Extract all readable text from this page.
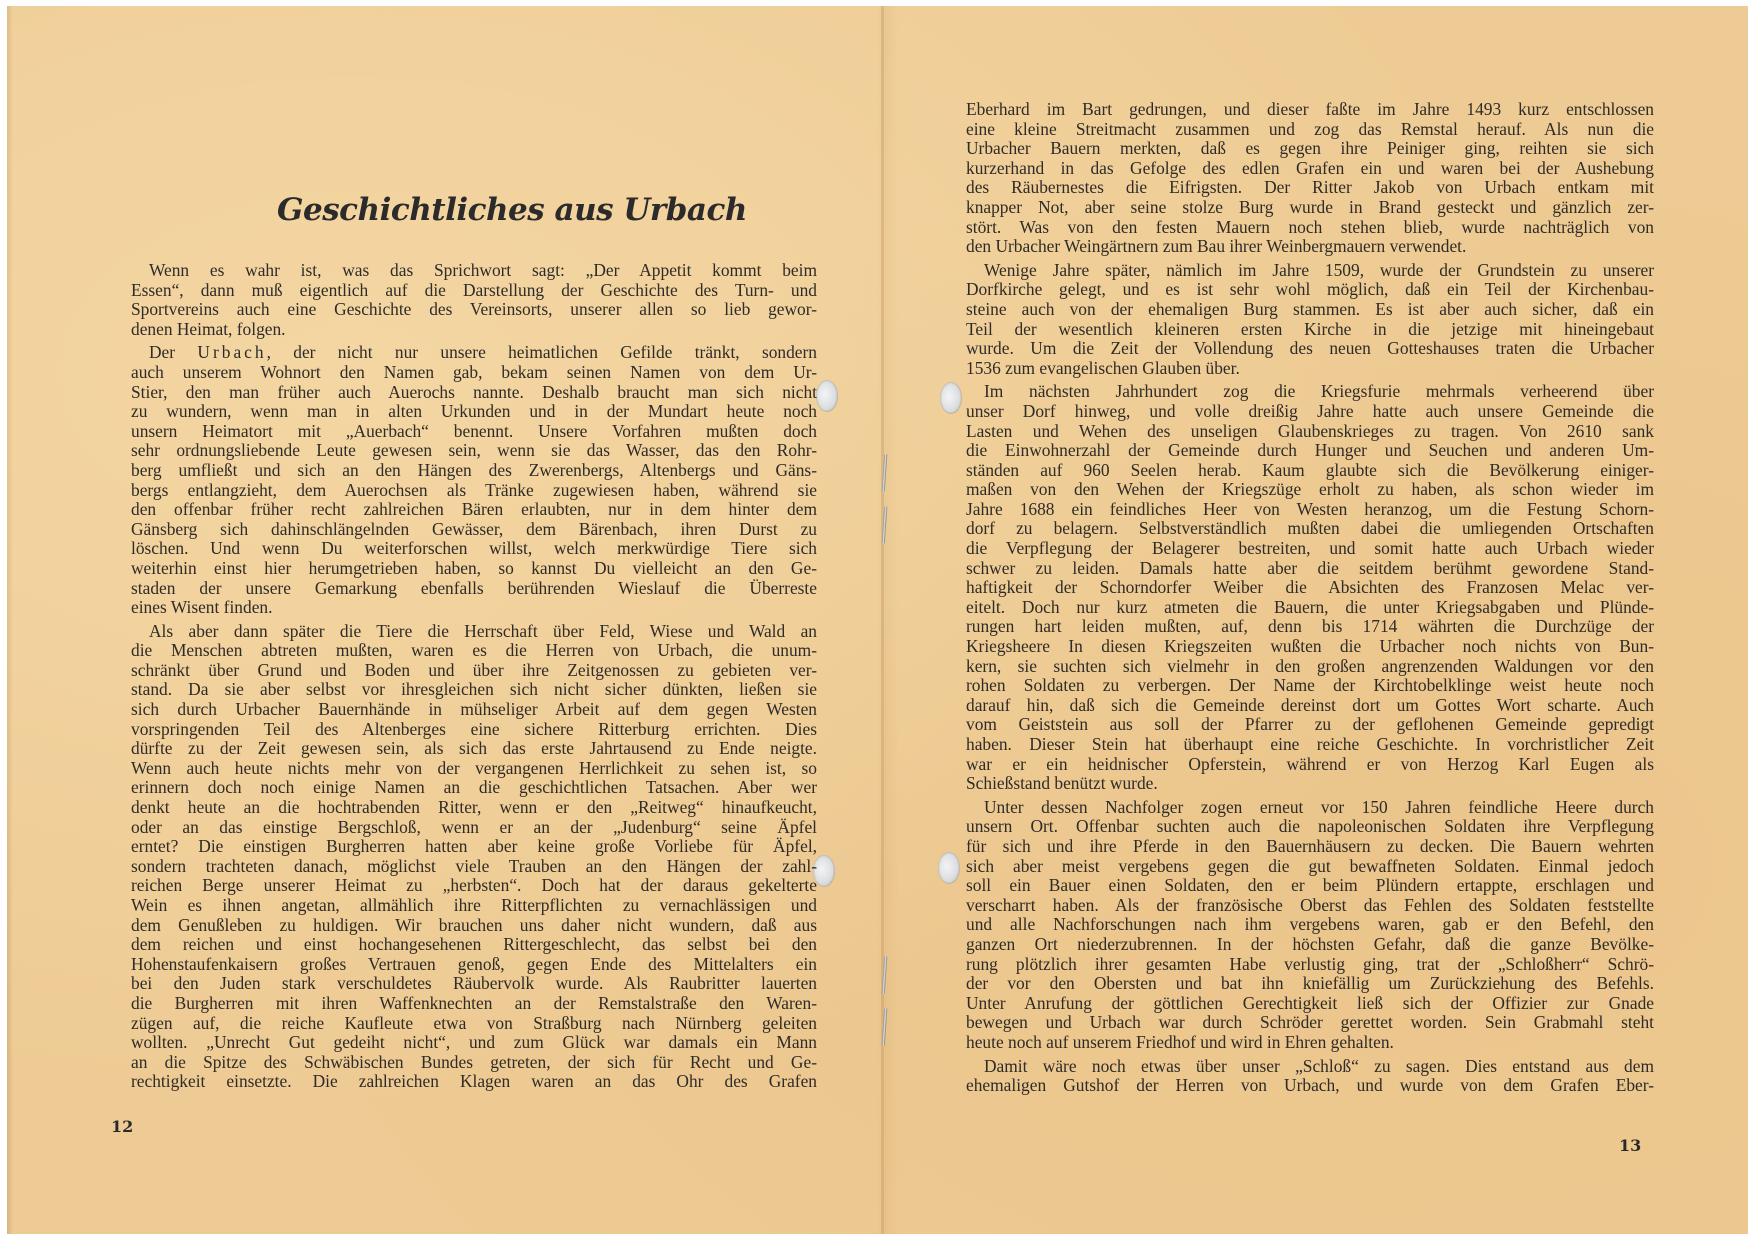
Geschichtliches aus Urbach
Wenn es wahr ist, was das Sprichwort sagt: „Der Appetit kommt beim
Essen“, dann muß eigentlich auf die Darstellung der Geschichte des Turn- und
Sportvereins auch eine Geschichte des Vereinsorts, unserer allen so lieb gewor-
denen Heimat, folgen.
Der Urbach, der nicht nur unsere heimatlichen Gefilde tränkt, sondern
auch unserem Wohnort den Namen gab, bekam seinen Namen von dem Ur-
Stier, den man früher auch Auerochs nannte. Deshalb braucht man sich nicht
zu wundern, wenn man in alten Urkunden und in der Mundart heute noch
unsern Heimatort mit „Auerbach“ benennt. Unsere Vorfahren mußten doch
sehr ordnungsliebende Leute gewesen sein, wenn sie das Wasser, das den Rohr-
berg umfließt und sich an den Hängen des Zwerenbergs, Altenbergs und Gäns-
bergs entlangzieht, dem Auerochsen als Tränke zugewiesen haben, während sie
den offenbar früher recht zahlreichen Bären erlaubten, nur in dem hinter dem
Gänsberg sich dahinschlängelnden Gewässer, dem Bärenbach, ihren Durst zu
löschen. Und wenn Du weiterforschen willst, welch merkwürdige Tiere sich
weiterhin einst hier herumgetrieben haben, so kannst Du vielleicht an den Ge-
staden der unsere Gemarkung ebenfalls berührenden Wieslauf die Überreste
eines Wisent finden.
Als aber dann später die Tiere die Herrschaft über Feld, Wiese und Wald an
die Menschen abtreten mußten, waren es die Herren von Urbach, die unum-
schränkt über Grund und Boden und über ihre Zeitgenossen zu gebieten ver-
stand. Da sie aber selbst vor ihresgleichen sich nicht sicher dünkten, ließen sie
sich durch Urbacher Bauernhände in mühseliger Arbeit auf dem gegen Westen
vorspringenden Teil des Altenberges eine sichere Ritterburg errichten. Dies
dürfte zu der Zeit gewesen sein, als sich das erste Jahrtausend zu Ende neigte.
Wenn auch heute nichts mehr von der vergangenen Herrlichkeit zu sehen ist, so
erinnern doch noch einige Namen an die geschichtlichen Tatsachen. Aber wer
denkt heute an die hochtrabenden Ritter, wenn er den „Reitweg“ hinaufkeucht,
oder an das einstige Bergschloß, wenn er an der „Judenburg“ seine Äpfel
erntet? Die einstigen Burgherren hatten aber keine große Vorliebe für Äpfel,
sondern trachteten danach, möglichst viele Trauben an den Hängen der zahl-
reichen Berge unserer Heimat zu „herbsten“. Doch hat der daraus gekelterte
Wein es ihnen angetan, allmählich ihre Ritterpflichten zu vernachlässigen und
dem Genußleben zu huldigen. Wir brauchen uns daher nicht wundern, daß aus
dem reichen und einst hochangesehenen Rittergeschlecht, das selbst bei den
Hohenstaufenkaisern großes Vertrauen genoß, gegen Ende des Mittelalters ein
bei den Juden stark verschuldetes Räubervolk wurde. Als Raubritter lauerten
die Burgherren mit ihren Waffenknechten an der Remstalstraße den Waren-
zügen auf, die reiche Kaufleute etwa von Straßburg nach Nürnberg geleiten
wollten. „Unrecht Gut gedeiht nicht“, und zum Glück war damals ein Mann
an die Spitze des Schwäbischen Bundes getreten, der sich für Recht und Ge-
rechtigkeit einsetzte. Die zahlreichen Klagen waren an das Ohr des Grafen
12
Eberhard im Bart gedrungen, und dieser faßte im Jahre 1493 kurz entschlossen
eine kleine Streitmacht zusammen und zog das Remstal herauf. Als nun die
Urbacher Bauern merkten, daß es gegen ihre Peiniger ging, reihten sie sich
kurzerhand in das Gefolge des edlen Grafen ein und waren bei der Aushebung
des Räubernestes die Eifrigsten. Der Ritter Jakob von Urbach entkam mit
knapper Not, aber seine stolze Burg wurde in Brand gesteckt und gänzlich zer-
stört. Was von den festen Mauern noch stehen blieb, wurde nachträglich von
den Urbacher Weingärtnern zum Bau ihrer Weinbergmauern verwendet.
Wenige Jahre später, nämlich im Jahre 1509, wurde der Grundstein zu unserer
Dorfkirche gelegt, und es ist sehr wohl möglich, daß ein Teil der Kirchenbau-
steine auch von der ehemaligen Burg stammen. Es ist aber auch sicher, daß ein
Teil der wesentlich kleineren ersten Kirche in die jetzige mit hineingebaut
wurde. Um die Zeit der Vollendung des neuen Gotteshauses traten die Urbacher
1536 zum evangelischen Glauben über.
Im nächsten Jahrhundert zog die Kriegsfurie mehrmals verheerend über
unser Dorf hinweg, und volle dreißig Jahre hatte auch unsere Gemeinde die
Lasten und Wehen des unseligen Glaubenskrieges zu tragen. Von 2610 sank
die Einwohnerzahl der Gemeinde durch Hunger und Seuchen und anderen Um-
ständen auf 960 Seelen herab. Kaum glaubte sich die Bevölkerung einiger-
maßen von den Wehen der Kriegszüge erholt zu haben, als schon wieder im
Jahre 1688 ein feindliches Heer von Westen heranzog, um die Festung Schorn-
dorf zu belagern. Selbstverständlich mußten dabei die umliegenden Ortschaften
die Verpflegung der Belagerer bestreiten, und somit hatte auch Urbach wieder
schwer zu leiden. Damals hatte aber die seitdem berühmt gewordene Stand-
haftigkeit der Schorndorfer Weiber die Absichten des Franzosen Melac ver-
eitelt. Doch nur kurz atmeten die Bauern, die unter Kriegsabgaben und Plünde-
rungen hart leiden mußten, auf, denn bis 1714 währten die Durchzüge der
Kriegsheere In diesen Kriegszeiten wußten die Urbacher noch nichts von Bun-
kern, sie suchten sich vielmehr in den großen angrenzenden Waldungen vor den
rohen Soldaten zu verbergen. Der Name der Kirchtobelklinge weist heute noch
darauf hin, daß sich die Gemeinde dereinst dort um Gottes Wort scharte. Auch
vom Geiststein aus soll der Pfarrer zu der geflohenen Gemeinde gepredigt
haben. Dieser Stein hat überhaupt eine reiche Geschichte. In vorchristlicher Zeit
war er ein heidnischer Opferstein, während er von Herzog Karl Eugen als
Schießstand benützt wurde.
Unter dessen Nachfolger zogen erneut vor 150 Jahren feindliche Heere durch
unsern Ort. Offenbar suchten auch die napoleonischen Soldaten ihre Verpflegung
für sich und ihre Pferde in den Bauernhäusern zu decken. Die Bauern wehrten
sich aber meist vergebens gegen die gut bewaffneten Soldaten. Einmal jedoch
soll ein Bauer einen Soldaten, den er beim Plündern ertappte, erschlagen und
verscharrt haben. Als der französische Oberst das Fehlen des Soldaten feststellte
und alle Nachforschungen nach ihm vergebens waren, gab er den Befehl, den
ganzen Ort niederzubrennen. In der höchsten Gefahr, daß die ganze Bevölke-
rung plötzlich ihrer gesamten Habe verlustig ging, trat der „Schloßherr“ Schrö-
der vor den Obersten und bat ihn kniefällig um Zurückziehung des Befehls.
Unter Anrufung der göttlichen Gerechtigkeit ließ sich der Offizier zur Gnade
bewegen und Urbach war durch Schröder gerettet worden. Sein Grabmahl steht
heute noch auf unserem Friedhof und wird in Ehren gehalten.
Damit wäre noch etwas über unser „Schloß“ zu sagen. Dies entstand aus dem
ehemaligen Gutshof der Herren von Urbach, und wurde von dem Grafen Eber-
13
